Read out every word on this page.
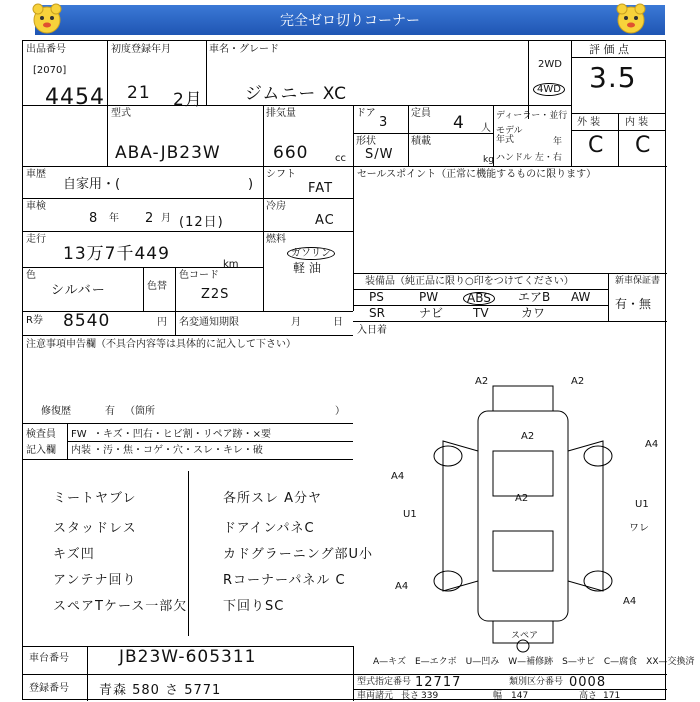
完全ゼロ切りコーナー
出品番号
[2070]
4454
初度登録年月
21 2月
車名・グレード
ジムニー XC
2WD
4WD
評 価 点
3.5
外 装 内 装
C C
型式
ABA-JB23W
排気量
660	cc
ドア
3
形状
S/W
定員 4 人
積載
kg
ディーラー・並行
モデル年式	年
ハンドル 左・右
車歴
自家用・(	)
シフト
FAT
セールスポイント（正常に機能するものに限ります）
車検
8 年 2 月 (12日)
冷房
AC
走行
13万7千449
km
燃料
ガソリン
軽 油
色
シルバー	色替
色コード
Z2S
装備品（純正品に限り○印をつけてください）	新車保証書
有・無
PS	PW	ABS	エアB AW
SR	ナビ TV	カワ
R券 8540	円 名変通知期限	月	日
入日着
注意事項申告欄（不具合内容等は具体的に記入して下さい）
修復歴	有 （箇所	）
検査員
記入欄
FW ・キズ・凹右・ヒビ割・リペア跡・×要
内装 ・汚・焦・コゲ・穴・スレ・キレ・破
ミートヤブレ
スタッドレス
キズ凹
アンテナ回り
スペアTケース一部欠
各所スレ A分ヤ
ドアインパネC
カドグラーニング部U小
Rコーナーパネル C
下回りSC
A2	A2
A2
A2
A4
A4
A4
U1
U1
A4
ワレ
スペア
A—キズ　E—エクボ　U—凹み　W—補修跡　S—サビ　C—腐食　XX—交換済
車台番号	JB23W-605311
登録番号 青森 580 さ 5771
型式指定番号 12717	類別区分番号 0008
車両諸元 長さ 339	幅 147	高さ 171
